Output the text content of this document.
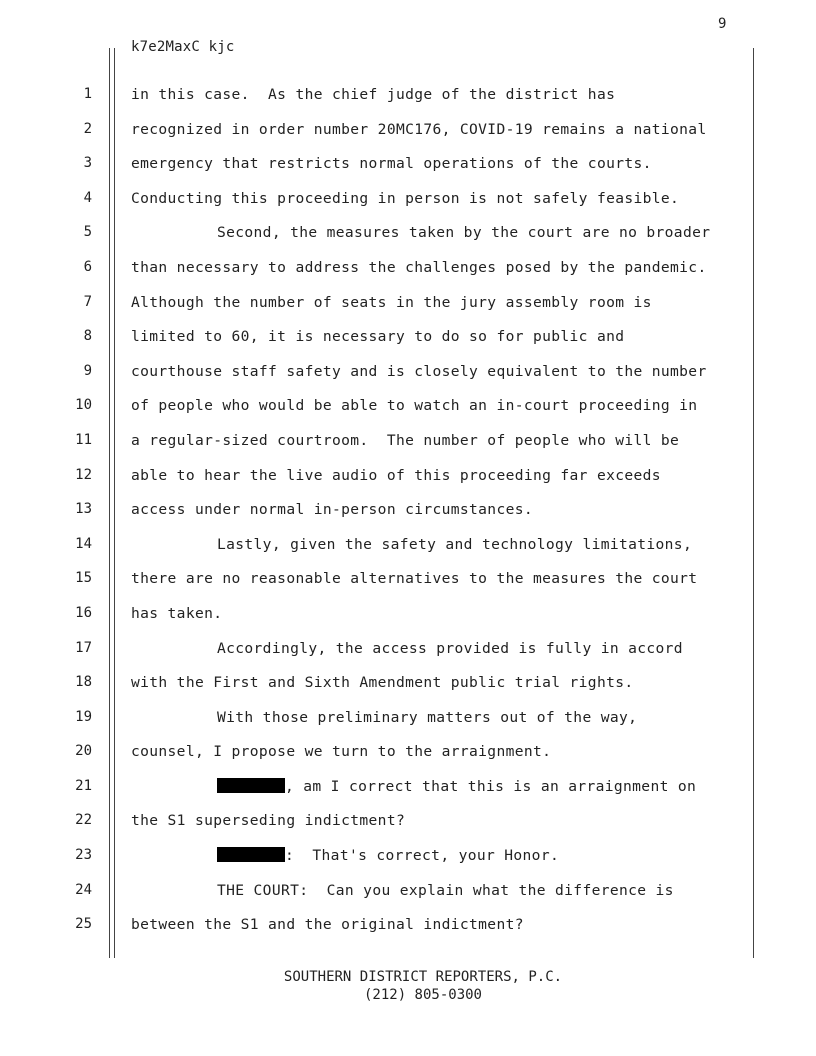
9
k7e2MaxC kjc
1	in this case.  As the chief judge of the district has
2	recognized in order number 20MC176, COVID-19 remains a national
3	emergency that restricts normal operations of the courts.
4	Conducting this proceeding in person is not safely feasible.
5	Second, the measures taken by the court are no broader
6	than necessary to address the challenges posed by the pandemic.
7	Although the number of seats in the jury assembly room is
8	limited to 60, it is necessary to do so for public and
9	courthouse staff safety and is closely equivalent to the number
10	of people who would be able to watch an in-court proceeding in
11	a regular-sized courtroom.  The number of people who will be
12	able to hear the live audio of this proceeding far exceeds
13	access under normal in-person circumstances.
14	Lastly, given the safety and technology limitations,
15	there are no reasonable alternatives to the measures the court
16	has taken.
17	Accordingly, the access provided is fully in accord
18	with the First and Sixth Amendment public trial rights.
19	With those preliminary matters out of the way,
20	counsel, I propose we turn to the arraignment.
21	, am I correct that this is an arraignment on
22	the S1 superseding indictment?
23	:  That's correct, your Honor.
24	THE COURT:  Can you explain what the difference is
25	between the S1 and the original indictment?
SOUTHERN DISTRICT REPORTERS, P.C.
(212) 805-0300
